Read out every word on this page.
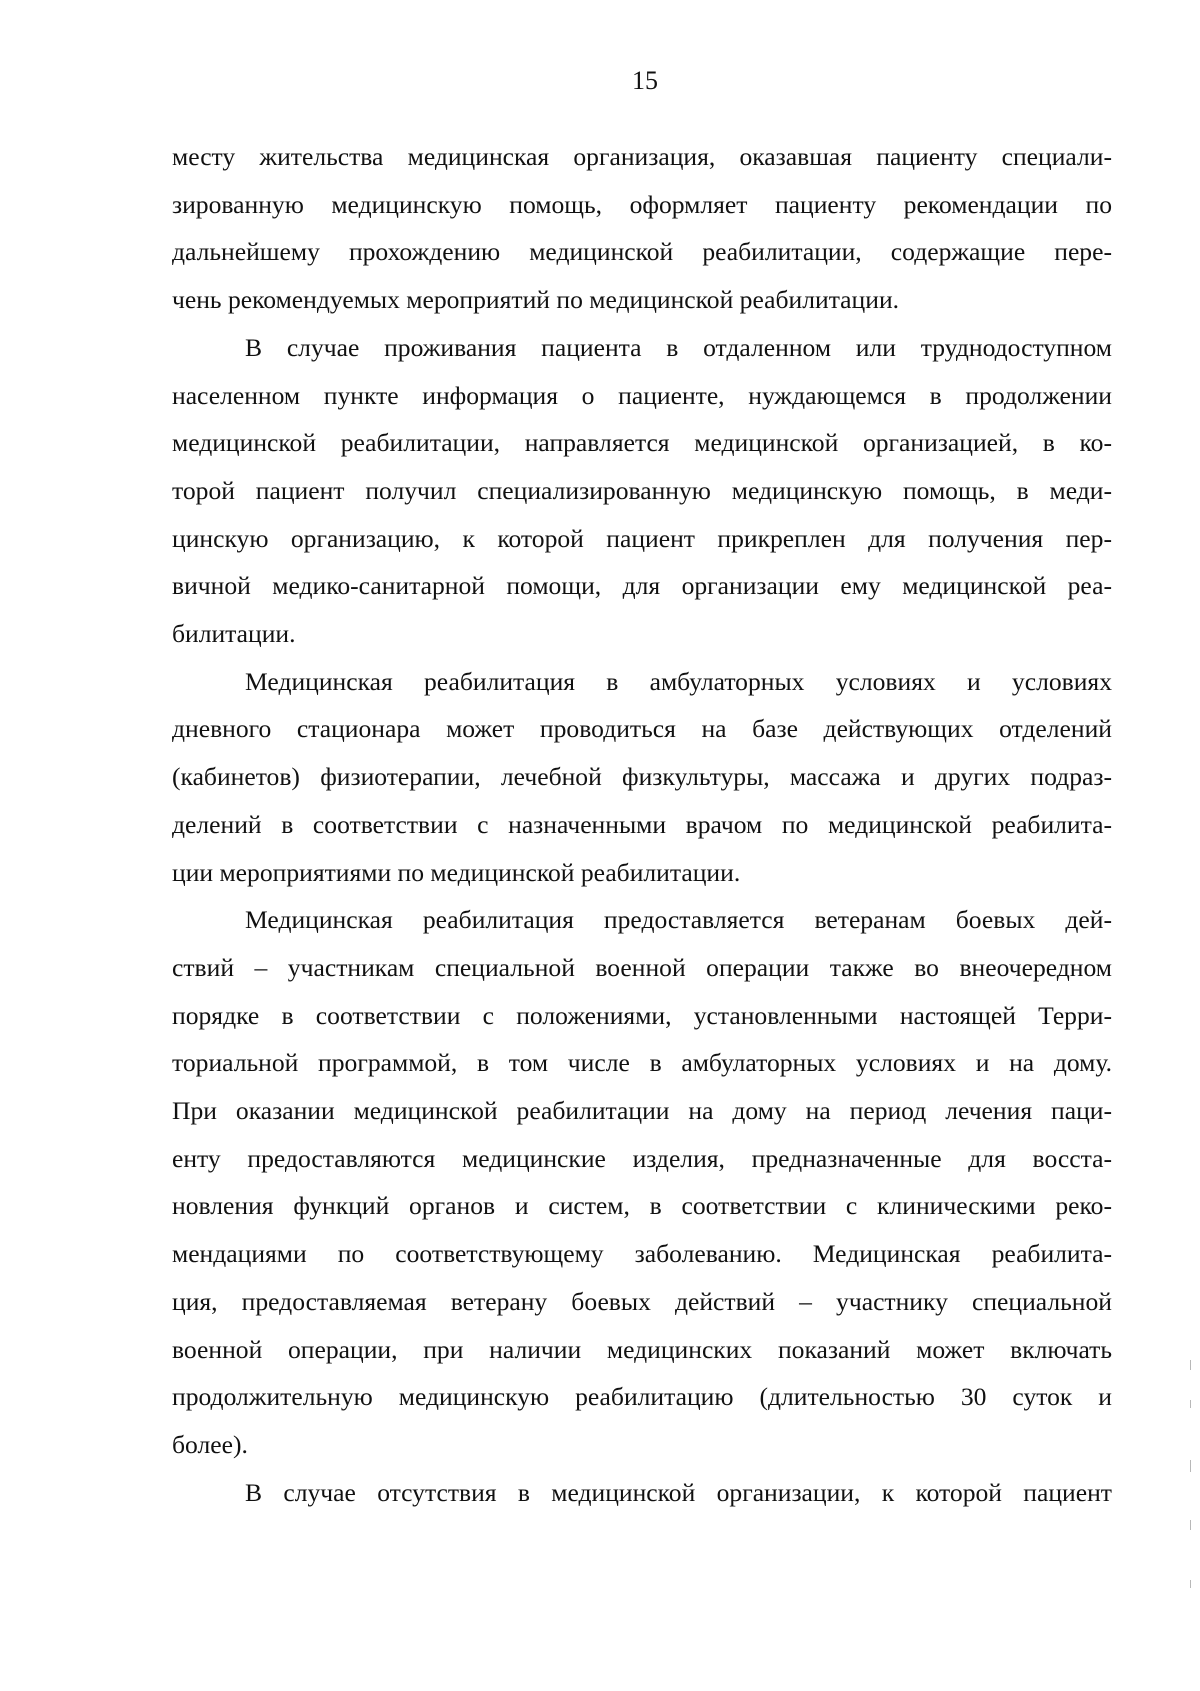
15
месту жительства медицинская организация, оказавшая пациенту специали-
зированную медицинскую помощь, оформляет пациенту рекомендации по
дальнейшему прохождению медицинской реабилитации, содержащие пере-
чень рекомендуемых мероприятий по медицинской реабилитации.
В случае проживания пациента в отдаленном или труднодоступном
населенном пункте информация о пациенте, нуждающемся в продолжении
медицинской реабилитации, направляется медицинской организацией, в ко-
торой пациент получил специализированную медицинскую помощь, в меди-
цинскую организацию, к которой пациент прикреплен для получения пер-
вичной медико-санитарной помощи, для организации ему медицинской реа-
билитации.
Медицинская реабилитация в амбулаторных условиях и условиях
дневного стационара может проводиться на базе действующих отделений
(кабинетов) физиотерапии, лечебной физкультуры, массажа и других подраз-
делений в соответствии с назначенными врачом по медицинской реабилита-
ции мероприятиями по медицинской реабилитации.
Медицинская реабилитация предоставляется ветеранам боевых дей-
ствий – участникам специальной военной операции также во внеочередном
порядке в соответствии с положениями, установленными настоящей Терри-
ториальной программой, в том числе в амбулаторных условиях и на дому.
При оказании медицинской реабилитации на дому на период лечения паци-
енту предоставляются медицинские изделия, предназначенные для восста-
новления функций органов и систем, в соответствии с клиническими реко-
мендациями по соответствующему заболеванию. Медицинская реабилита-
ция, предоставляемая ветерану боевых действий – участнику специальной
военной операции, при наличии медицинских показаний может включать
продолжительную медицинскую реабилитацию (длительностью 30 суток и
более).
В случае отсутствия в медицинской организации, к которой пациент
